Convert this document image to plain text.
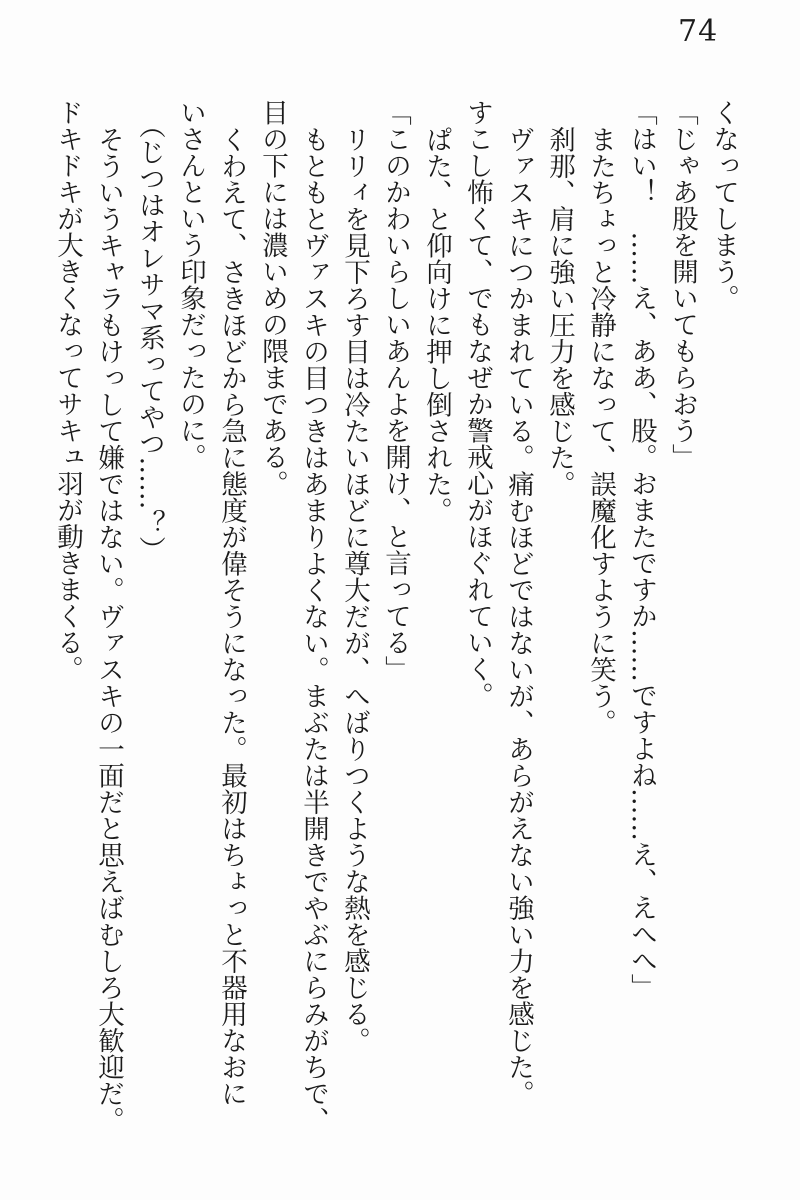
74

くなってしまう。

「じゃあ股を開いてもらおう」

「はい！　……え、ああ、股。おまたですか……ですよね……え、えへへ」

またちょっと冷静になって、誤魔化すように笑う。

刹那、肩に強い圧力を感じた。

ヴァスキにつかまれている。痛むほどではないが、あらがえない強い力を感じた。

すこし怖くて、でもなぜか警戒心がほぐれていく。

ぱた、と仰向けに押し倒された。

「このかわいらしいあんよを開け、と言ってる」

リリィを見下ろす目は冷たいほどに尊大だが、へばりつくような熱を感じる。

もともとヴァスキの目つきはあまりよくない。まぶたは半開きでやぶにらみがちで、

目の下には濃いめの隈まである。

くわえて、さきほどから急に態度が偉そうになった。最初はちょっと不器用なおに

いさんという印象だったのに。

（じつはオレサマ系ってやつ……？）

そういうキャラもけっして嫌ではない。ヴァスキの一面だと思えばむしろ大歓迎だ。

ドキドキが大きくなってサキュ羽が動きまくる。
